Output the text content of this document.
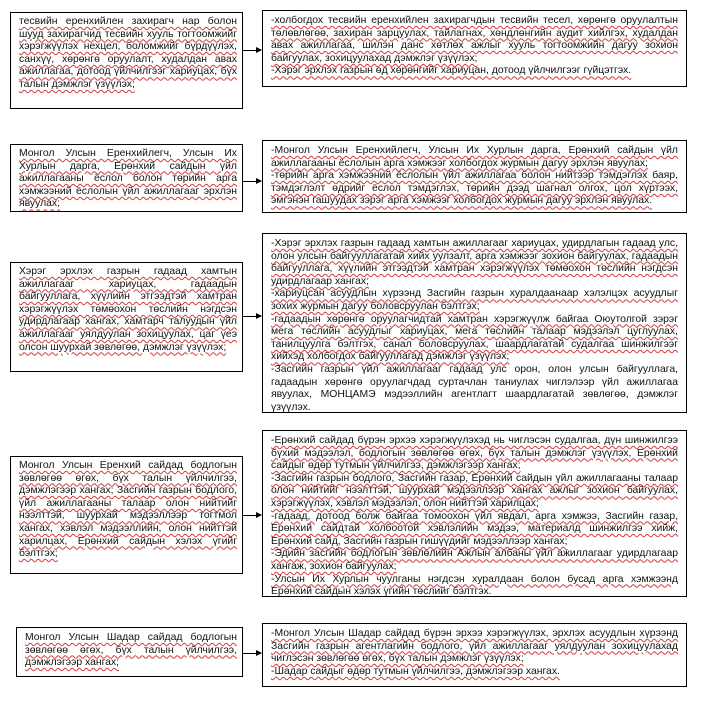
тесвийн еренхийлен захирагч нар болон шууд захирагчид тесвийн хууль тогтоомжийг хэрэгжүүлэх нехцел, боломжийг бүрдүүлэх, санхүү, хөрөнгө оруулалт, худалдан авах ажиллагаа, дотоод үйлчилгээг хариуцах, бүх талын дэмжлэг үзүүлэх;

-холбогдох тесвийн еренхийлен захирагчдын тесвийн тесел, хөрөнгө оруулалтын төлөвлөгөө, захиран зарцуулах, тайлагнах, хөндлөнгийн аудит хийлгэх, худалдан авах ажиллагаа, шилэн данс хөтлөх ажлыг хууль тогтоомжийн дагуу зохион байгуулах, зохицуулахад дэмжлэг үзүүлэх;

-Хэрэг эрхлэх газрын өд хөрөнгийг хариуцан, дотоод үйлчилгээг гүйцэтгэх.

Монгол Улсын Еренхийлегч, Улсын Их Хурлын дарга, Ерөнхий сайдын үйл ажиллагааны ёслол болон төрийн арга хэмжээний ёслолын үйл ажиллагааг эрхлэн явуулах;

-Монгол Улсын Еренхийлегч, Улсын Их Хурлын дарга, Ерөнхий сайдын үйл ажиллагааны ёслолын арга хэмжээг холбогдох журмын дагуу эрхлэн явуулах;

-төрийн арга хэмжээний ёслолын үйл ажиллагаа болон нийтээр тэмдэглэх баяр, тэмдэглэлт өдрийг ёслол тэмдэглэх, төрийн дээд шагнал олгох, цол хүртээх, эмгэнэн гашуудах зэрэг арга хэмжээг холбогдох журмын дагуу эрхлэн явуулах.

Хэрэг эрхлэх газрын гадаад хамтын ажиллагааг хариуцах, гадаадын байгууллага, хүүлийн этгээдтэй хамтран хэрэгжүүлэх төмөохон төслийн нэгдсэн удирдлагаар хангах, хамтарч талуудын үйл ажиллагааг уялдуулан зохицуулах, цаг үеэ олсон шуурхай зөвлөгөө, дэмжлэг үзүүлэх;

-Хэрэг эрхлэх газрын гадаад хамтын ажиллагааг хариуцах, удирдлагын гадаад улс, олон улсын байгууллагатай хийх уулзалт, арга хэмжээг зохион байгуулах, гадаадын байгууллага, хүүлийн этгээдтэй хамтран хэрэгжүүлэх төмөохон төслийн нэгдсэн удирдлагаар хангах;

-хариуцсан асуудлын хүрээнд Засгийн газрын хуралдаанаар хэлэлцэх асуудлыг зохих журмын дагуу боловсруулан бэлтгэх;

-гадаадын хөрөнгө оруулагчидтай хамтран хэрэгжүүлж байгаа Оюутолгой зэрэг мега төслийн асуудлыг хариуцах, мега төслийн талаар мэдээлэл цуглуулах, танилцуулга бэлтгэх, санал боловсруулах, шаардлагатай судалгаа шинжилгээг хийхэд холбогдох байгууллагад дэмжлэг үзүүлэх;

-Засгийн газрын үйл ажиллагааг гадаад улс орон, олон улсын байгууллага, гадаадын хөрөнгө оруулагчдад суртачлан таниулах чиглэлээр үйл ажиллагаа явуулах, МОНЦАМЭ мэдээллийн агентлагт шаардлагатай зөвлөгөө, дэмжлэг үзүүлэх.

Монгол Улсын Еренхий сайдад бодлогын зөвлөгөө өгөх, бүх талын үйлчилгээ, дэмжлэгээр хангах; Засгийн газрын бодлого, үйл ажиллагааны талаар олон нийтийг нээлттэй, шуурхай мэдээллээр тогтмол хангах, хэвлэл мэдээллийн, олон нийттэй харилцах, Ерөнхий сайдын хэлэх үгийг бэлтгэх;

-Ерөнхий сайдад бүрэн эрхээ хэрэгжүүлэхэд нь чиглэсэн судалгаа, дүн шинжилгээ бүхий мэдээлэл, бодлогын зөвлөгөө өгөх, бүх талын дэмжлэг үзүүлэх, Ерөнхий сайдыг өдөр тутмын үйлчилгээ, дэмжлэгээр хангах;

-Засгийн газрын бодлого, Засгийн газар, Ерөнхий сайдын үйл ажиллагааны талаар олон нийтийг нээлттэй, шуурхай мэдээллээр хангах ажлыг зохион байгуулах, хэрэгжүүлэх, хэвлэл мэдээлэл, олон нийттэй харилцах;

-гадаад, дотоод болж байгаа томоохон үйл явдал, арга хэмжээ, Засгийн газар, Ерөнхий сайдтай холбоотой хэвлэлийн мэдээ, материалд шинжилгээ хийж, Ерөнхий сайд, Засгийн газрын гишүүдийг мэдээллээр хангах;

-Эдийн засгийн бодлогын зөвлөлийн Ажлын албаны үйл ажиллагааг удирдлагаар хангаж, зохион байгуулах;

-Улсын Их Хурлын чуулганы нэгдсэн хуралдаан болон бусад арга хэмжээнд Ерөнхий сайдын хэлэх үгийн төслийг бэлтгэх.

Монгол Улсын Шадар сайдад бодлогын зөвлөгөө өгөх, бүх талын үйлчилгээ, дэмжлэгээр хангах;

-Монгол Улсын Шадар сайдад бүрэн эрхээ хэрэгжүүлэх, эрхлэх асуудлын хүрээнд Засгийн газрын агентлагийн бодлого, үйл ажиллагааг уялдуулан зохицуулахад чиглэсэн зөвлөгөө өгөх, бүх талын дэмжлэг үзүүлэх;

-Шадар сайдыг өдөр тутмын үйлчилгээ, дэмжлэгээр хангах.
